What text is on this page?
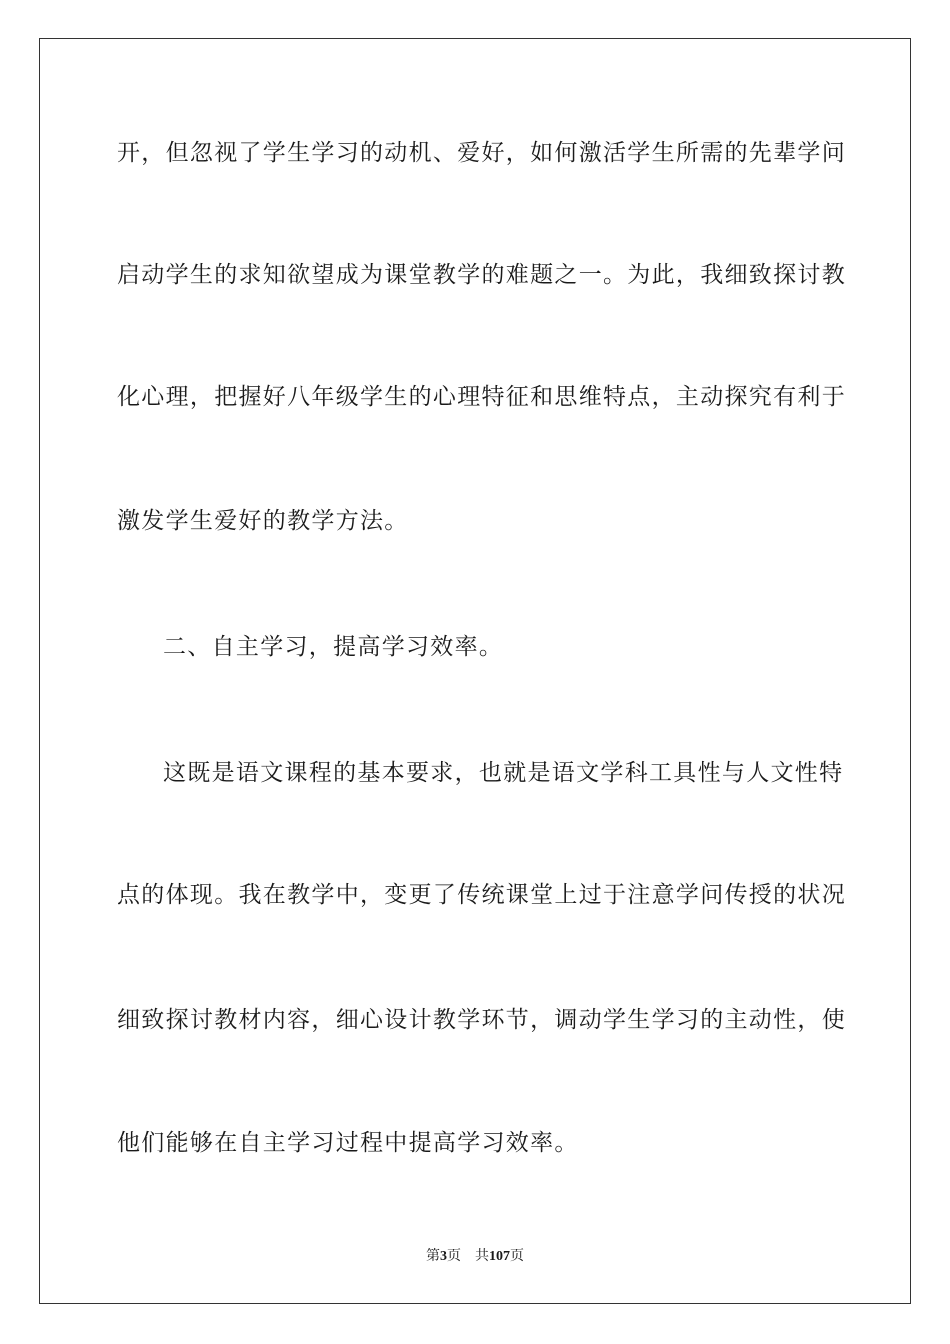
开，但忽视了学生学习的动机、爱好，如何激活学生所需的先辈学问
启动学生的求知欲望成为课堂教学的难题之一。为此，我细致探讨教
化心理，把握好八年级学生的心理特征和思维特点，主动探究有利于
激发学生爱好的教学方法。
二、自主学习，提高学习效率。
这既是语文课程的基本要求，也就是语文学科工具性与人文性特
点的体现。我在教学中，变更了传统课堂上过于注意学问传授的状况
细致探讨教材内容，细心设计教学环节，调动学生学习的主动性，使
他们能够在自主学习过程中提高学习效率。
第3页 共107页
